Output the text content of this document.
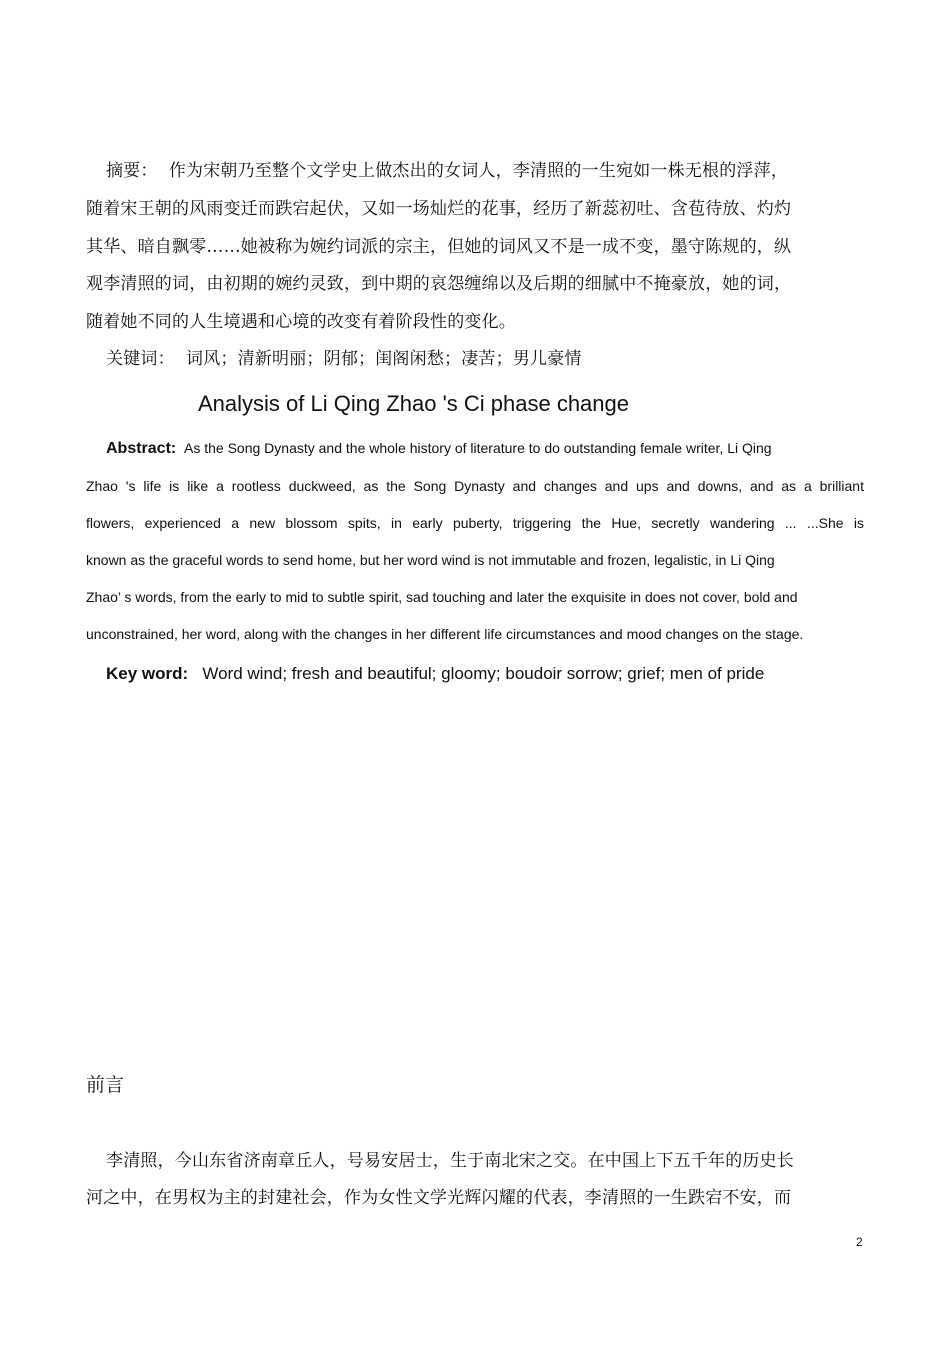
摘要： 作为宋朝乃至整个文学史上做杰出的女词人，李清照的一生宛如一株无根的浮萍，
随着宋王朝的风雨变迁而跌宕起伏，又如一场灿烂的花事，经历了新蕊初吐、含苞待放、灼灼
其华、暗自飘零……她被称为婉约词派的宗主，但她的词风又不是一成不变，墨守陈规的，纵
观李清照的词，由初期的婉约灵致，到中期的哀怨缠绵以及后期的细腻中不掩豪放，她的词，
随着她不同的人生境遇和心境的改变有着阶段性的变化。
关键词： 词风；清新明丽；阴郁；闺阁闲愁；凄苦；男儿豪情
Analysis of Li Qing Zhao 's Ci phase change
Abstract: As the Song Dynasty and the whole history of literature to do outstanding female writer, Li Qing
Zhao 's life is like a rootless duckweed, as the Song Dynasty and changes and ups and downs, and as a brilliant
flowers, experienced a new blossom spits, in early puberty, triggering the Hue, secretly wandering ... ...She is
known as the graceful words to send home, but her word wind is not immutable and frozen, legalistic, in Li Qing
Zhao’ s words, from the early to mid to subtle spirit, sad touching and later the exquisite in does not cover, bold and
unconstrained, her word, along with the changes in her different life circumstances and mood changes on the stage.
Key word: Word wind; fresh and beautiful; gloomy; boudoir sorrow; grief; men of pride
前言
李清照，今山东省济南章丘人，号易安居士，生于南北宋之交。在中国上下五千年的历史长
河之中，在男权为主的封建社会，作为女性文学光辉闪耀的代表，李清照的一生跌宕不安，而
2
